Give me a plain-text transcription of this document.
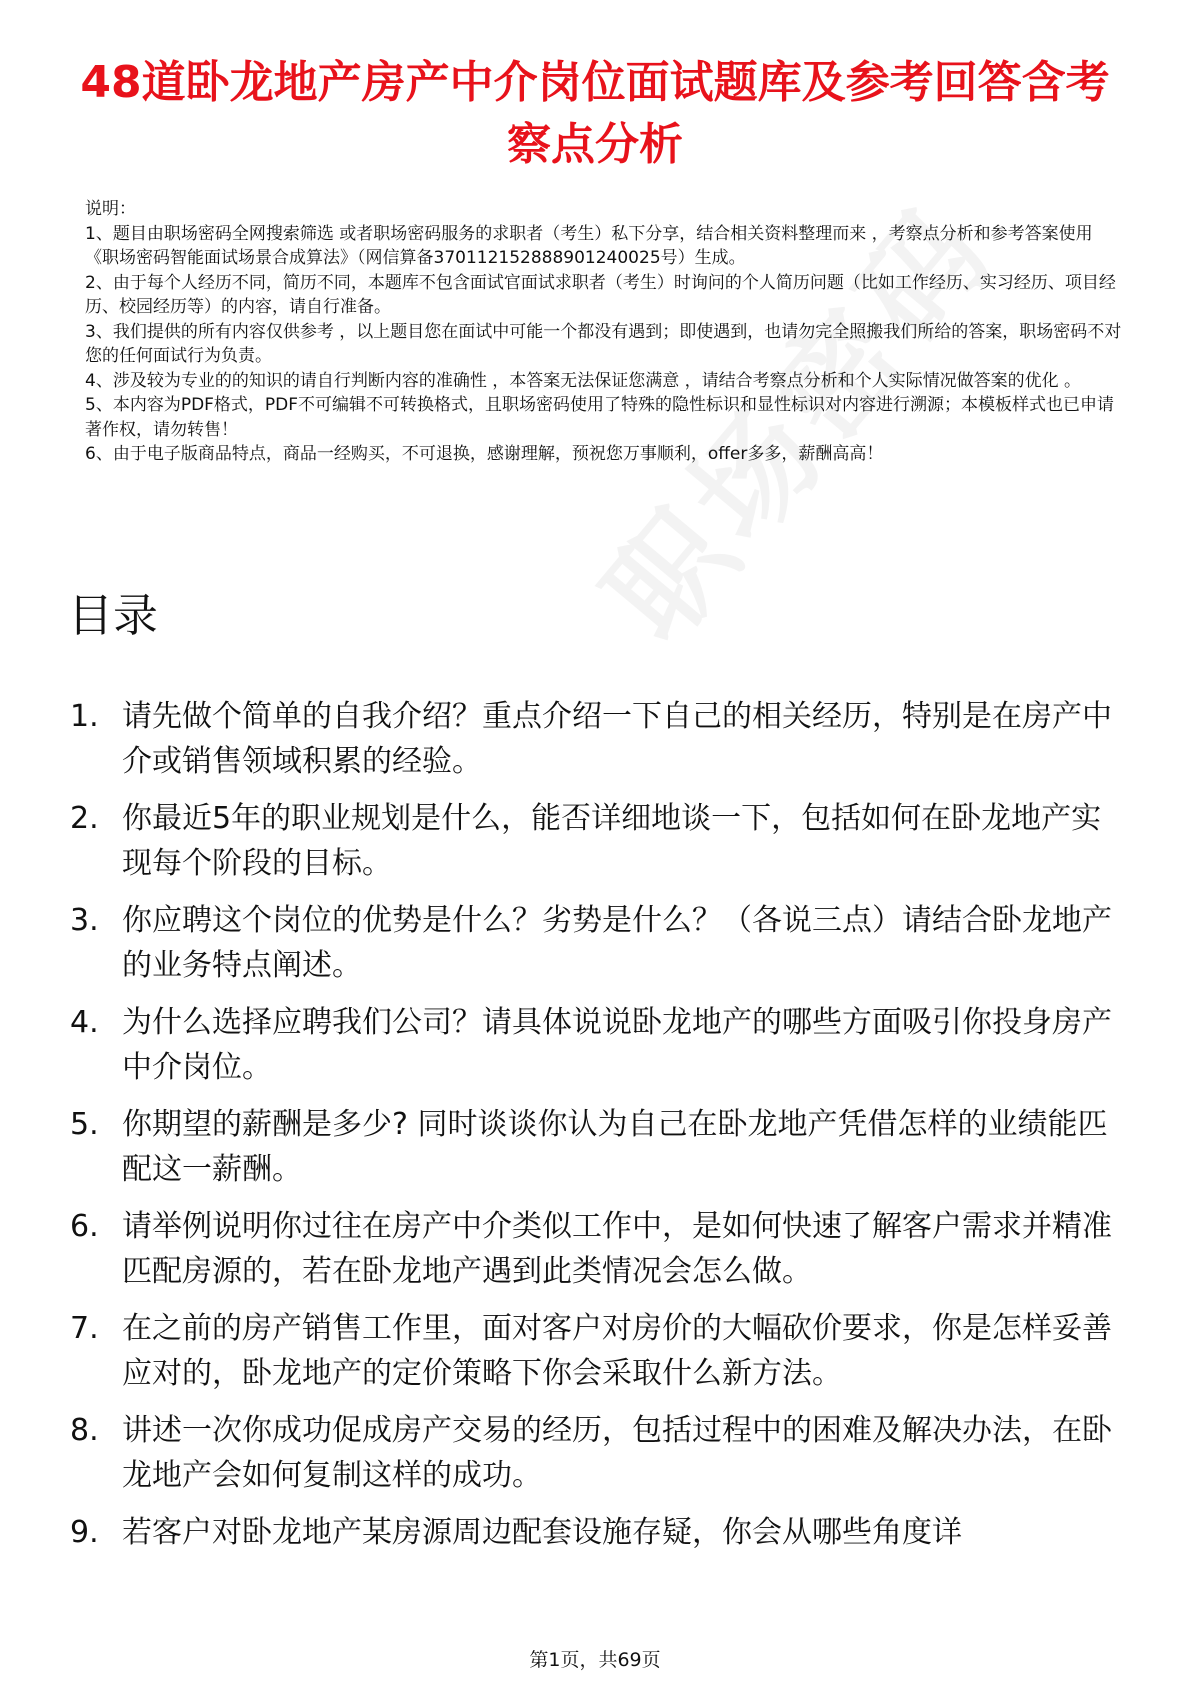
48道卧龙地产房产中介岗位面试题库及参考回答含考察点分析

说明：

1、题目由职场密码全网搜索筛选 或者职场密码服务的求职者（考生）私下分享，结合相关资料整理而来 ，考察点分析和参考答案使用《职场密码智能面试场景合成算法》（网信算备370112152888901240025号）生成。

2、由于每个人经历不同，简历不同，本题库不包含面试官面试求职者（考生）时询问的个人简历问题（比如工作经历、实习经历、项目经历、校园经历等）的内容，请自行准备。

3、我们提供的所有内容仅供参考 ，以上题目您在面试中可能一个都没有遇到；即使遇到，也请勿完全照搬我们所给的答案，职场密码不对您的任何面试行为负责。

4、涉及较为专业的的知识的请自行判断内容的准确性 ，本答案无法保证您满意 ，请结合考察点分析和个人实际情况做答案的优化 。

5、本内容为PDF格式，PDF不可编辑不可转换格式，且职场密码使用了特殊的隐性标识和显性标识对内容进行溯源；本模板样式也已申请著作权，请勿转售！

6、由于电子版商品特点，商品一经购买，不可退换，感谢理解，预祝您万事顺利，offer多多，薪酬高高！

目录
1. 请先做个简单的自我介绍？重点介绍一下自己的相关经历，特别是在房产中介或销售领域积累的经验。
2. 你最近5年的职业规划是什么，能否详细地谈一下，包括如何在卧龙地产实现每个阶段的目标。
3. 你应聘这个岗位的优势是什么？劣势是什么？（各说三点）请结合卧龙地产的业务特点阐述。
4. 为什么选择应聘我们公司？请具体说说卧龙地产的哪些方面吸引你投身房产中介岗位。
5. 你期望的薪酬是多少? 同时谈谈你认为自己在卧龙地产凭借怎样的业绩能匹配这一薪酬。
6. 请举例说明你过往在房产中介类似工作中，是如何快速了解客户需求并精准匹配房源的，若在卧龙地产遇到此类情况会怎么做。
7. 在之前的房产销售工作里，面对客户对房价的大幅砍价要求，你是怎样妥善应对的，卧龙地产的定价策略下你会采取什么新方法。
8. 讲述一次你成功促成房产交易的经历，包括过程中的困难及解决办法，在卧龙地产会如何复制这样的成功。
9. 若客户对卧龙地产某房源周边配套设施存疑，你会从哪些角度详
第1页，共69页
